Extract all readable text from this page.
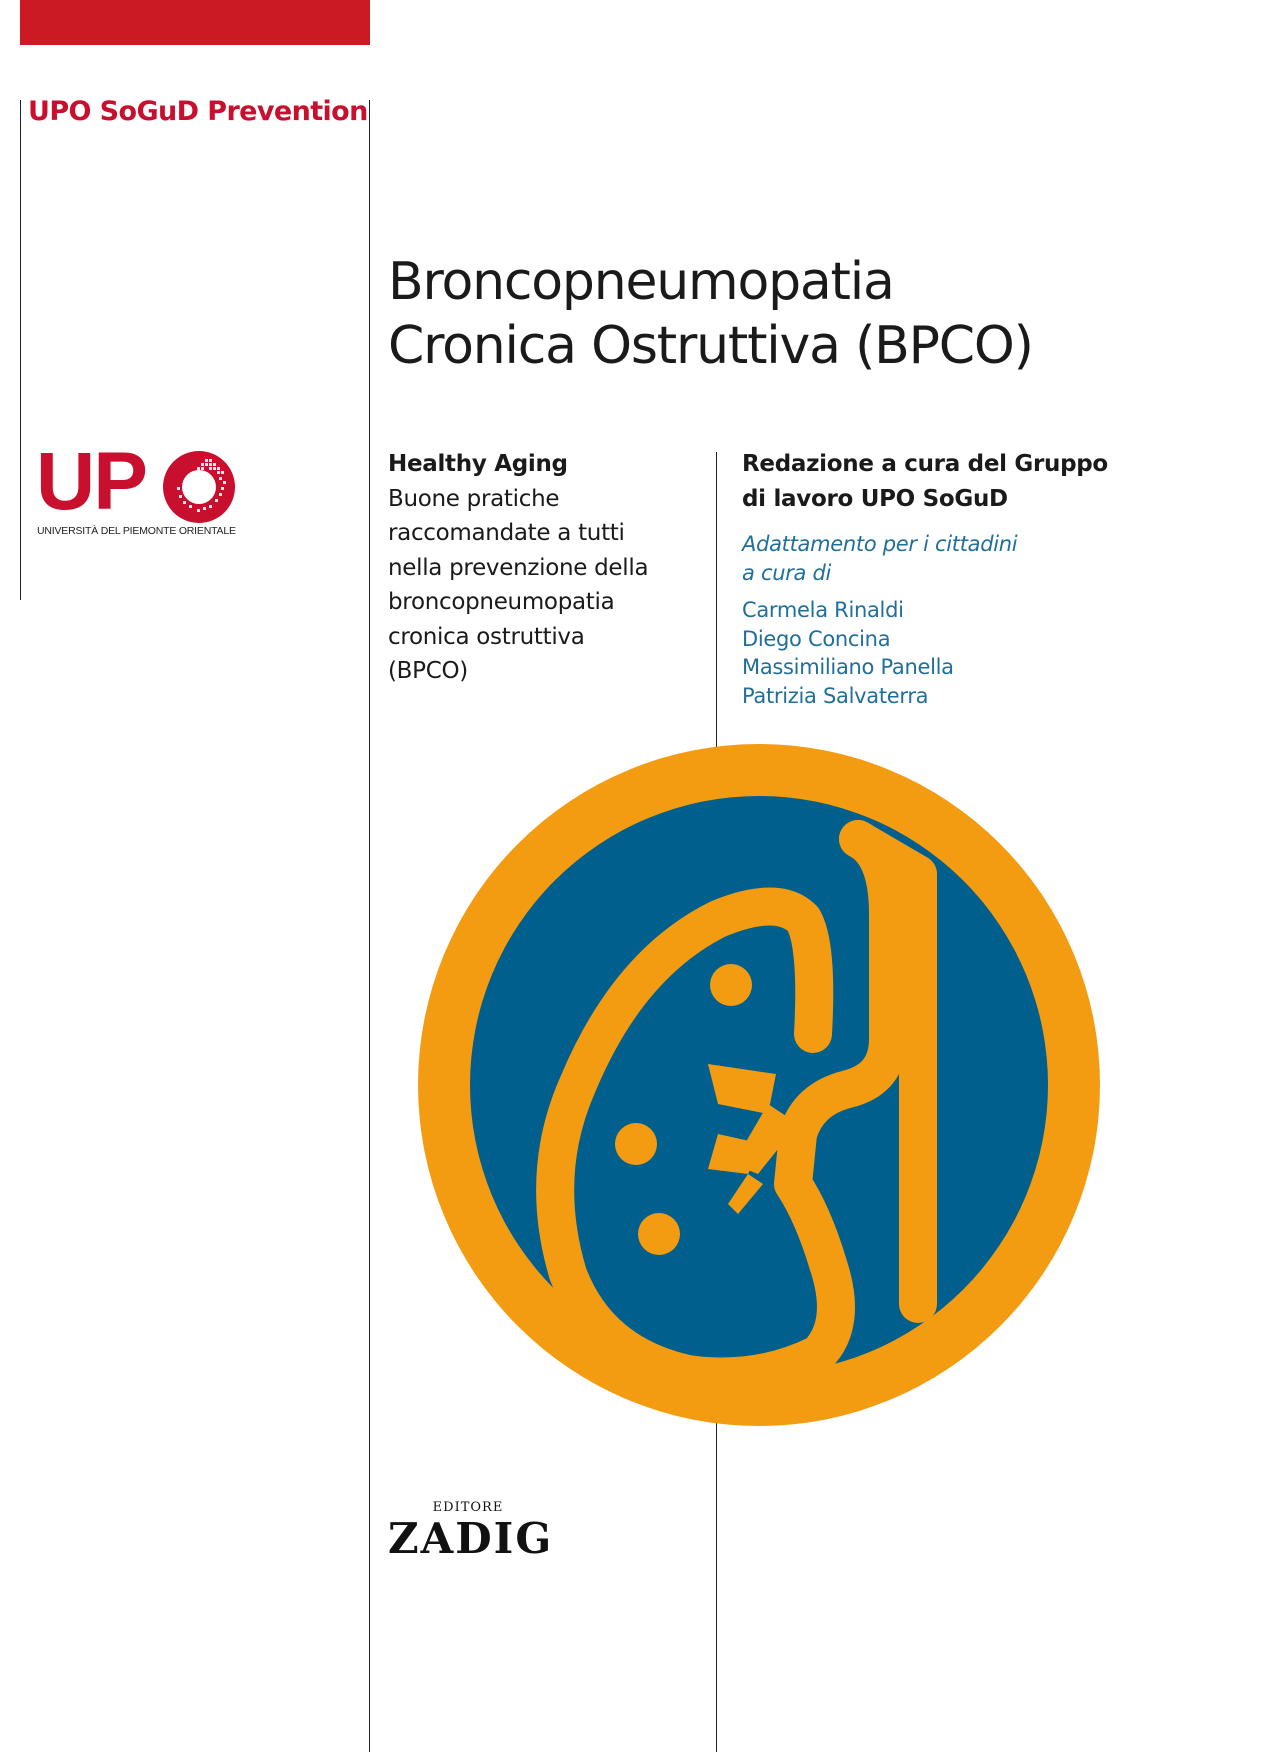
UPO SoGuD Prevention
UP

UNIVERSITÀ DEL PIEMONTE ORIENTALE

Broncopneumopatia
Cronica Ostruttiva (BPCO)
Healthy Aging
Buone pratiche
raccomandate a tutti
nella prevenzione della
broncopneumopatia
cronica ostruttiva
(BPCO)
Redazione a cura del Gruppo
di lavoro UPO SoGuD
Adattamento per i cittadini
a cura di
Carmela Rinaldi
Diego Concina
Massimiliano Panella
Patrizia Salvaterra
EDITORE
ZADIG
